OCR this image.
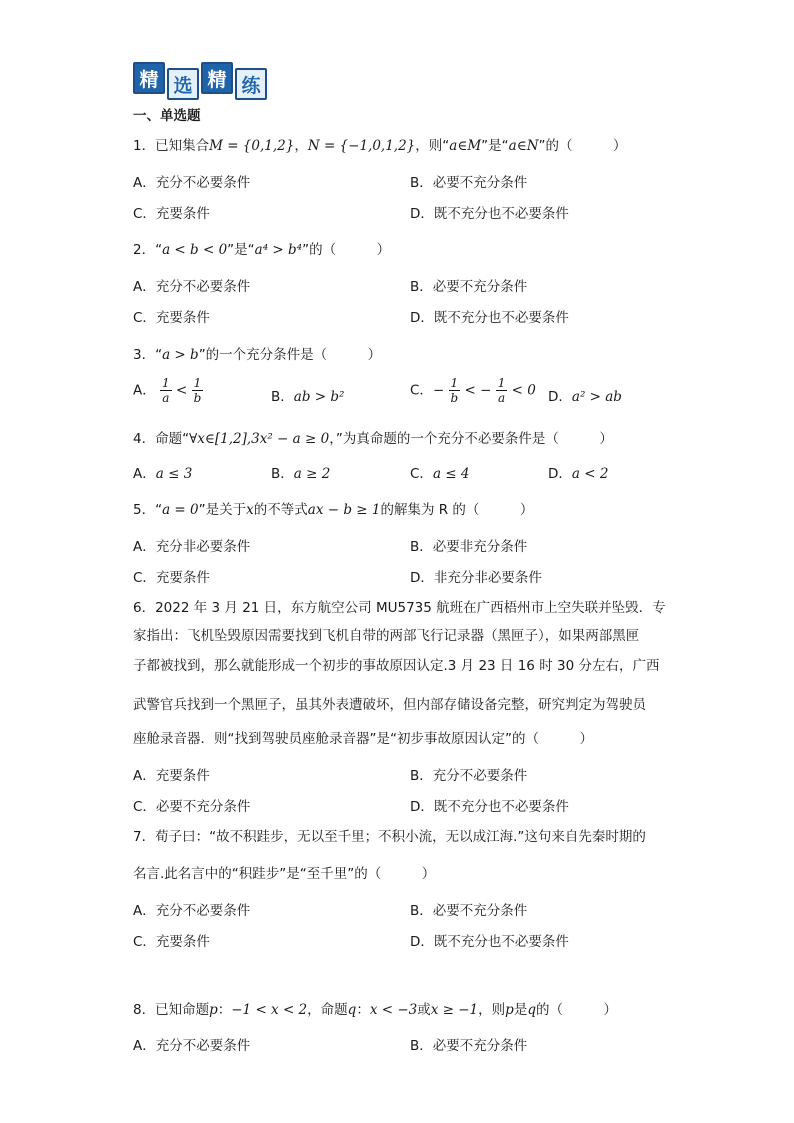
精 选 精 练
一、单选题
1．已知集合M = {0,1,2}，N = {−1,0,1,2}，则“a∈M”是“a∈N”的（　　　）
A．充分不必要条件	B．必要不充分条件
C．充要条件	D．既不充分也不必要条件
2．“a < b < 0”是“a⁴ > b⁴”的（　　　）
A．充分不必要条件	B．必要不充分条件
C．充要条件	D．既不充分也不必要条件
3．“a > b”的一个充分条件是（　　　）
A． $\frac{1}{a} < \frac{1}{b}$	B．ab > b²	C．− $\frac{1}{b}$ < − $\frac{1}{a} < 0$ D．a² > ab
4．命题“∀x∈[1,2],3x² − a ≥ 0，”为真命题的一个充分不必要条件是（　　　）
A．a ≤ 3	B．a ≥ 2	C．a ≤ 4	D．a < 2
5．“a = 0”是关于x的不等式ax − b ≥ 1的解集为 R 的（　　　）
A．充分非必要条件	B．必要非充分条件
C．充要条件	D．非充分非必要条件
6．2022 年 3 月 21 日，东方航空公司 MU5735 航班在广西梧州市上空失联并坠毁．专
家指出：飞机坠毁原因需要找到飞机自带的两部飞行记录器（黑匣子），如果两部黑匣
子都被找到，那么就能形成一个初步的事故原因认定.3 月 23 日 16 时 30 分左右，广西
武警官兵找到一个黑匣子，虽其外表遭破坏，但内部存储设备完整，研究判定为驾驶员
座舱录音器．则“找到驾驶员座舱录音器”是“初步事故原因认定”的（　　　）
A．充要条件	B．充分不必要条件
C．必要不充分条件	D．既不充分也不必要条件
7．荀子曰：“故不积跬步，无以至千里；不积小流，无以成江海.”这句来自先秦时期的
名言.此名言中的“积跬步”是“至千里”的（　　　）
A．充分不必要条件	B．必要不充分条件
C．充要条件	D．既不充分也不必要条件
8．已知命题p：−1 < x < 2，命题q：x < −3或x ≥ −1，则p是q的（　　　）
A．充分不必要条件	B．必要不充分条件
